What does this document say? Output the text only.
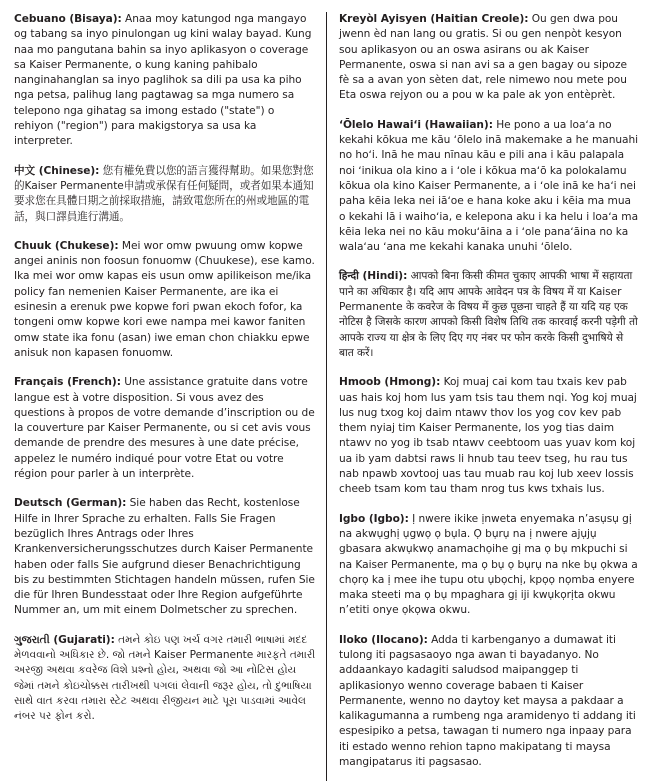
Cebuano (Bisaya): Anaa moy katungod nga mangayo og tabang sa inyo pinulongan ug kini walay bayad. Kung naa mo pangutana bahin sa inyo aplikasyon o coverage sa Kaiser Permanente, o kung kaning pahibalo nanginahanglan sa inyo paglihok sa dili pa usa ka piho nga petsa, palihug lang pagtawag sa mga numero sa telepono nga gihatag sa imong estado ("state") o rehiyon ("region") para makigstorya sa usa ka interpreter.

中文 (Chinese): 您有權免費以您的語言獲得幫助。如果您對您的Kaiser Permanente申請或承保有任何疑問，或者如果本通知要求您在具體日期之前採取措施，請致電您所在的州或地區的電話，與口譯員進行溝通。

Chuuk (Chukese): Mei wor omw pwuung omw kopwe angei aninis non foosun fonuomw (Chuukese), ese kamo. Ika mei wor omw kapas eis usun omw apilikeison me/ika policy fan nemenien Kaiser Permanente, are ika ei esinesin a erenuk pwe kopwe fori pwan ekoch fofor, ka tongeni omw kopwe kori ewe nampa mei kawor faniten omw state ika fonu (asan) iwe eman chon chiakku epwe anisuk non kapasen fonuomw.

Français (French): Une assistance gratuite dans votre langue est à votre disposition. Si vous avez des questions à propos de votre demande d’inscription ou de la couverture par Kaiser Permanente, ou si cet avis vous demande de prendre des mesures à une date précise, appelez le numéro indiqué pour votre Etat ou votre région pour parler à un interprète.

Deutsch (German): Sie haben das Recht, kostenlose Hilfe in Ihrer Sprache zu erhalten. Falls Sie Fragen bezüglich Ihres Antrags oder Ihres Krankenversicherungsschutzes durch Kaiser Permanente haben oder falls Sie aufgrund dieser Benachrichtigung bis zu bestimmten Stichtagen handeln müssen, rufen Sie die für Ihren Bundesstaat oder Ihre Region aufgeführte Nummer an, um mit einem Dolmetscher zu sprechen.

ગુજરાતી (Gujarati): તમને કોઇ પણ ખર્ચ વગર તમારી ભાષામાં મદદ મેળવવાનો અધિકાર છે. જો તમને Kaiser Permanente મારફતે તમારી અરજી અથવા કવરેજ વિશે પ્રશ્નો હોય, અથવા જો આ નોટિસ હોય જેમાં તમને કોઇચોક્કસ તારીખથી પગલાં લેવાની જરૂર હોય, તો દુભાષિયા સાથે વાત કરવા તમારા સ્ટેટ અથવા રીજીયન માટે પૂરા પાડવામાં આવેલ નંબર પર ફોન કરો.

Kreyòl Ayisyen (Haitian Creole): Ou gen dwa pou jwenn èd nan lang ou gratis. Si ou gen nenpòt kesyon sou aplikasyon ou an oswa asirans ou ak Kaiser Permanente, oswa si nan avi sa a gen bagay ou sipoze fè sa a avan yon sèten dat, rele nimewo nou mete pou Eta oswa rejyon ou a pou w ka pale ak yon entèprèt.

ʻŌlelo Hawaiʻi (Hawaiian): He pono a ua loaʻa no kekahi kōkua me kāu ʻōlelo inā makemake a he manuahi no hoʻi. Inā he mau nīnau kāu e pili ana i kāu palapala noi ʻinikua ola kino a i ʻole i kōkua maʻō ka polokalamu kōkua ola kino Kaiser Permanente, a i ʻole inā ke haʻi nei paha kēia leka nei iāʻoe e hana koke aku i kēia ma mua o kekahi lā i waihoʻia, e kelepona aku i ka helu i loaʻa ma kēia leka nei no kāu mokuʻāina a i ʻole panaʻāina no ka walaʻau ʻana me kekahi kanaka unuhi ʻōlelo.

हिन्दी (Hindi): आपको बिना किसी कीमत चुकाए आपकी भाषा में सहायता पाने का अधिकार है। यदि आप आपके आवेदन पत्र के विषय में या Kaiser Permanente के कवरेज के विषय में कुछ पूछना चाहते हैं या यदि यह एक नोटिस है जिसके कारण आपको किसी विशेष तिथि तक कारवाई करनी पड़ेगी तो आपके राज्य या क्षेत्र के लिए दिए गए नंबर पर फोन करके किसी दुभाषिये से बात करें।

Hmoob (Hmong): Koj muaj cai kom tau txais kev pab uas hais koj hom lus yam tsis tau them nqi. Yog koj muaj lus nug txog koj daim ntawv thov los yog cov kev pab them nyiaj tim Kaiser Permanente, los yog tias daim ntawv no yog ib tsab ntawv ceebtoom uas yuav kom koj ua ib yam dabtsi raws li hnub tau teev tseg, hu rau tus nab npawb xovtooj uas tau muab rau koj lub xeev lossis cheeb tsam kom tau tham nrog tus kws txhais lus.

Igbo (Igbo): Ị nwere ikike ịnweta enyemaka n’asụsụ gị na akwụghị ụgwọ ọ bụla. Ọ bụrụ na ị nwere ajụjụ gbasara akwụkwọ anamachọihe gị ma ọ bụ mkpuchi si na Kaiser Permanente, ma ọ bụ ọ bụrụ na nke bụ ọkwa a chọrọ ka ị mee ihe tupu otu ụbọchị, kpọọ nọmba enyere maka steeti ma ọ bụ mpaghara gị iji kwụkọrịta okwu n’etiti onye ọkọwa okwu.

Iloko (Ilocano): Adda ti karbenganyo a dumawat iti tulong iti pagsasaoyo nga awan ti bayadanyo. No addaankayo kadagiti saludsod maipanggep ti aplikasionyo wenno coverage babaen ti Kaiser Permanente, wenno no daytoy ket maysa a pakdaar a kalikagumanna a rumbeng nga aramidenyo ti addang iti espesipiko a petsa, tawagan ti numero nga inpaay para iti estado wenno rehion tapno makipatang ti maysa mangipatarus iti pagsasao.
